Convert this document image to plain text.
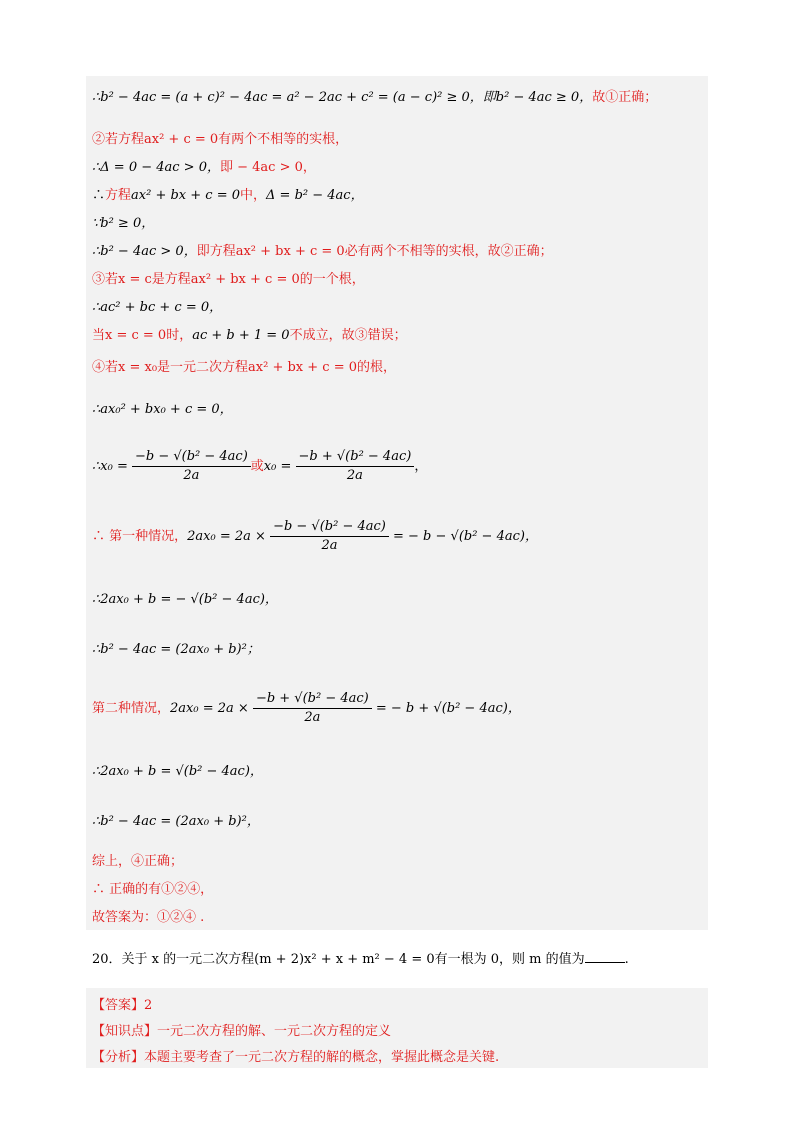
∴b² − 4ac = (a + c)² − 4ac = a² − 2ac + c² = (a − c)² ≥ 0，即b² − 4ac ≥ 0，故①正确；
②若方程ax² + c = 0有两个不相等的实根，
∴Δ = 0 − 4ac > 0，即 − 4ac > 0，
∴方程ax² + bx + c = 0中，Δ = b² − 4ac，
∵b² ≥ 0，
∴b² − 4ac > 0，即方程ax² + bx + c = 0必有两个不相等的实根，故②正确；
③若x = c是方程ax² + bx + c = 0的一个根，
∴ac² + bc + c = 0，
当x = c = 0时，ac + b + 1 = 0不成立，故③错误；
④若x = x₀是一元二次方程ax² + bx + c = 0的根，
∴ax₀² + bx₀ + c = 0，
∴x₀ = $\frac{\text{−b − √(b² − 4ac)}}{2a}$ 或$x_0 = \frac{\text{−b + √(b² − 4ac)}}{2a}$ ，
∴ 第一种情况，$2ax_0 = 2a \times \frac{\text{−b − √(b² − 4ac)}}{2a}$ = − b − √(b² − 4ac)，
∴2ax₀ + b = − √(b² − 4ac)，
∴b² − 4ac = (2ax₀ + b)²；
第二种情况，$2ax_0 = 2a \times \frac{\text{−b + √(b² − 4ac)}}{2a}$ = − b + √(b² − 4ac)，
∴2ax₀ + b = √(b² − 4ac)，
∴b² − 4ac = (2ax₀ + b)²，
综上，④正确；
∴ 正确的有①②④，
故答案为：①②④ .
20．关于 x 的一元二次方程(m + 2)x² + x + m² − 4 = 0有一根为 0，则 m 的值为	.
【答案】2
【知识点】一元二次方程的解、一元二次方程的定义
【分析】本题主要考查了一元二次方程的解的概念，掌握此概念是关键.
